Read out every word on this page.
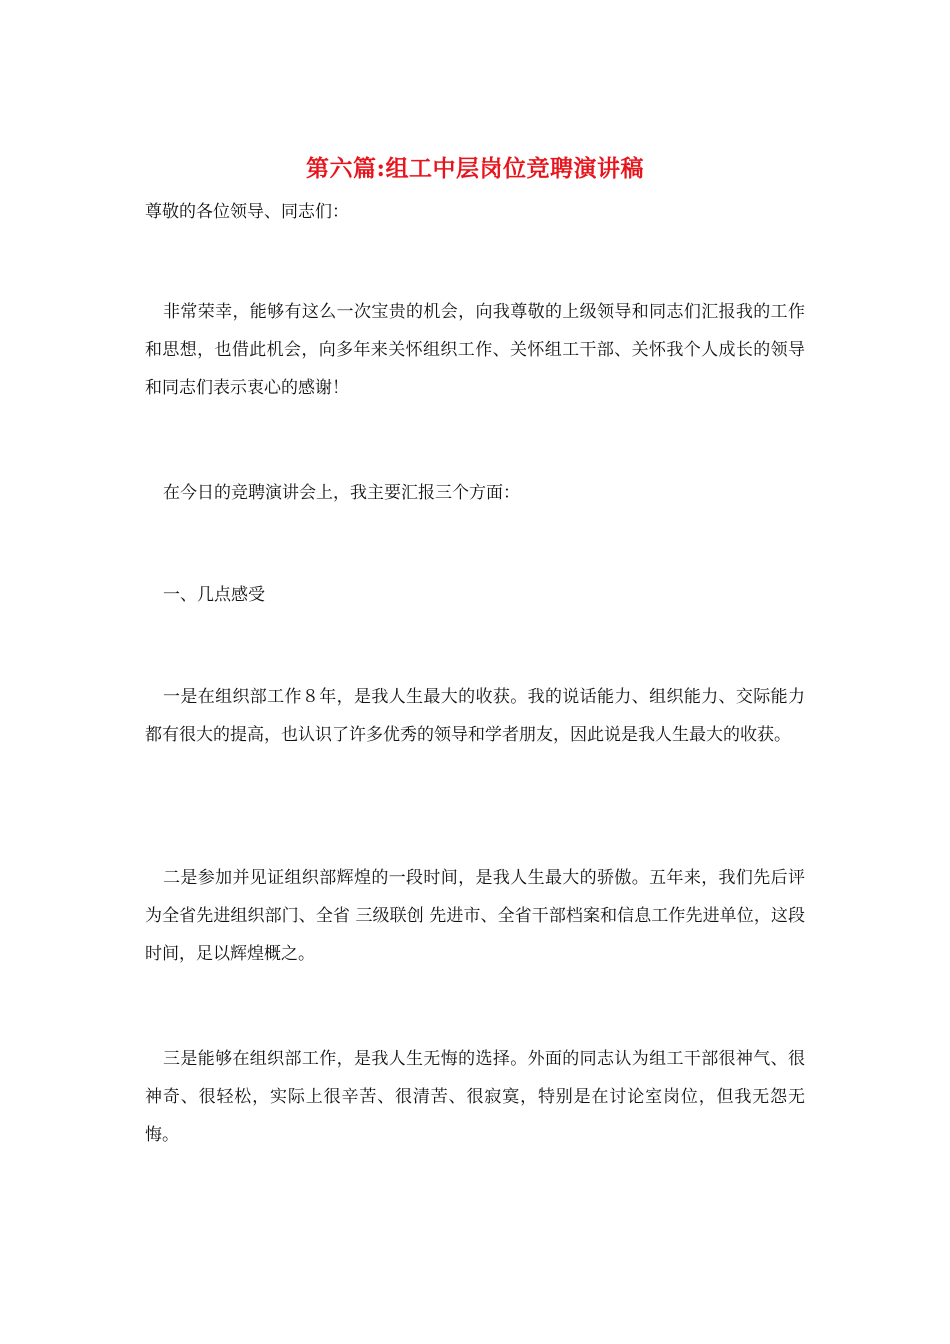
第六篇:组工中层岗位竞聘演讲稿
尊敬的各位领导、同志们：

非常荣幸，能够有这么一次宝贵的机会，向我尊敬的上级领导和同志们汇报我的工作和思想，也借此机会，向多年来关怀组织工作、关怀组工干部、关怀我个人成长的领导和同志们表示衷心的感谢！

在今日的竞聘演讲会上，我主要汇报三个方面：

一、几点感受

一是在组织部工作８年，是我人生最大的收获。我的说话能力、组织能力、交际能力都有很大的提高，也认识了许多优秀的领导和学者朋友，因此说是我人生最大的收获。

二是参加并见证组织部辉煌的一段时间，是我人生最大的骄傲。五年来，我们先后评为全省先进组织部门、全省 三级联创 先进市、全省干部档案和信息工作先进单位，这段时间，足以辉煌概之。

三是能够在组织部工作，是我人生无悔的选择。外面的同志认为组工干部很神气、很神奇、很轻松，实际上很辛苦、很清苦、很寂寞，特别是在讨论室岗位，但我无怨无悔。
